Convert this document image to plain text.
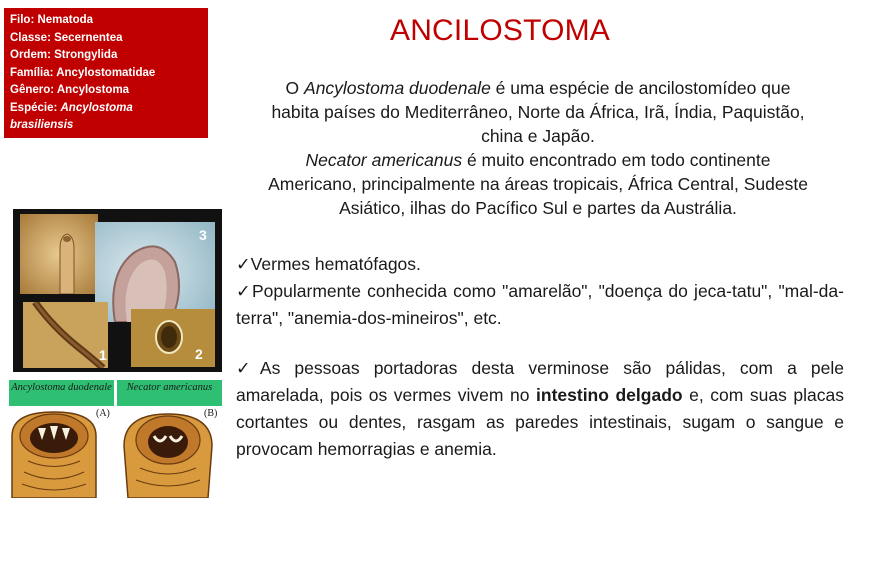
Filo: Nematoda
Classe: Secernentea
Ordem: Strongylida
Família: Ancylostomatidae
Gênero: Ancylostoma
Espécie: Ancylostoma
brasiliensis
ANCILOSTOMA

O Ancylostoma duodenale é uma espécie de ancilostomídeo que

habita países do Mediterrâneo, Norte da África, Irã, Índia, Paquistão,

china e Japão.

Necator americanus é muito encontrado em todo continente

Americano, principalmente na áreas tropicais, África Central, Sudeste

Asiático, ilhas do Pacífico Sul e partes da Austrália.

✓Vermes hematófagos.

✓Popularmente conhecida como "amarelão", "doença do jeca-tatu", "mal-da-terra", "anemia-dos-mineiros", etc.

✓As pessoas portadoras desta verminose são pálidas, com a pele amarelada, pois os vermes vivem no intestino delgado e, com suas placas cortantes ou dentes, rasgam as paredes intestinais, sugam o sangue e provocam hemorragias e anemia.

3
1	2
Ancylostoma duodenale	Necator americanus
(A)	(B)
